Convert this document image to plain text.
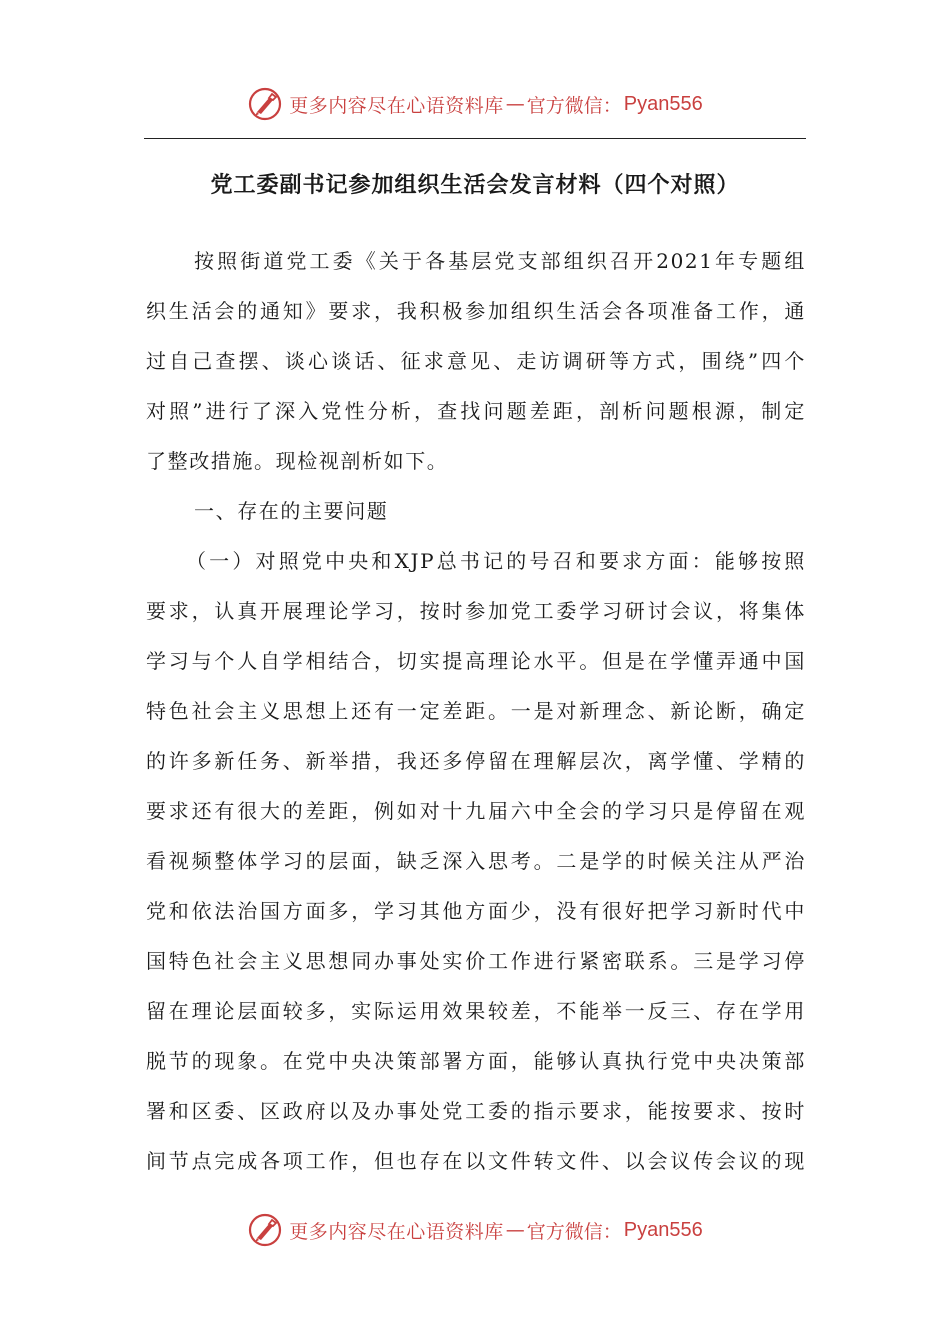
更多内容尽在心语资料库 — 官方微信： Pyan556
党工委副书记参加组织生活会发言材料（四个对照）
按照街道党工委《关于各基层党支部组织召开2021年专题组
织生活会的通知》要求，我积极参加组织生活会各项准备工作，通
过自己查摆、谈心谈话、征求意见、走访调研等方式，围绕”四个
对照”进行了深入党性分析，查找问题差距，剖析问题根源，制定
了整改措施。现检视剖析如下。
一、存在的主要问题
（一）对照党中央和XJP总书记的号召和要求方面：能够按照
要求，认真开展理论学习，按时参加党工委学习研讨会议，将集体
学习与个人自学相结合，切实提高理论水平。但是在学懂弄通中国
特色社会主义思想上还有一定差距。一是对新理念、新论断，确定
的许多新任务、新举措，我还多停留在理解层次，离学懂、学精的
要求还有很大的差距，例如对十九届六中全会的学习只是停留在观
看视频整体学习的层面，缺乏深入思考。二是学的时候关注从严治
党和依法治国方面多，学习其他方面少，没有很好把学习新时代中
国特色社会主义思想同办事处实价工作进行紧密联系。三是学习停
留在理论层面较多，实际运用效果较差，不能举一反三、存在学用
脱节的现象。在党中央决策部署方面，能够认真执行党中央决策部
署和区委、区政府以及办事处党工委的指示要求，能按要求、按时
间节点完成各项工作，但也存在以文件转文件、以会议传会议的现
更多内容尽在心语资料库 — 官方微信： Pyan556
